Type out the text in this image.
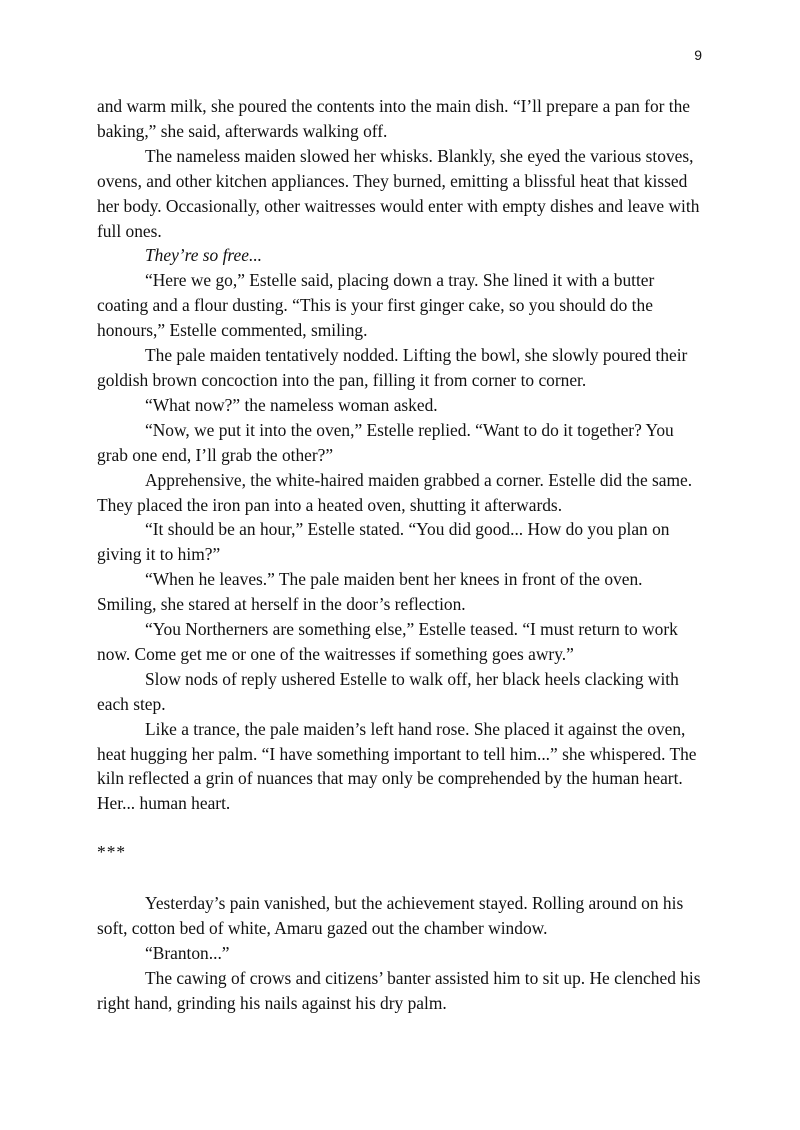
9

and warm milk, she poured the contents into the main dish. “I’ll prepare a pan for the baking,” she said, afterwards walking off.

The nameless maiden slowed her whisks. Blankly, she eyed the various stoves, ovens, and other kitchen appliances. They burned, emitting a blissful heat that kissed her body. Occasionally, other waitresses would enter with empty dishes and leave with full ones.

They’re so free...

“Here we go,” Estelle said, placing down a tray. She lined it with a butter coating and a flour dusting. “This is your first ginger cake, so you should do the honours,” Estelle commented, smiling.

The pale maiden tentatively nodded. Lifting the bowl, she slowly poured their goldish brown concoction into the pan, filling it from corner to corner.

“What now?” the nameless woman asked.

“Now, we put it into the oven,” Estelle replied. “Want to do it together? You grab one end, I’ll grab the other?”

Apprehensive, the white-haired maiden grabbed a corner. Estelle did the same. They placed the iron pan into a heated oven, shutting it afterwards.

“It should be an hour,” Estelle stated. “You did good... How do you plan on giving it to him?”

“When he leaves.” The pale maiden bent her knees in front of the oven. Smiling, she stared at herself in the door’s reflection.

“You Northerners are something else,” Estelle teased. “I must return to work now. Come get me or one of the waitresses if something goes awry.”

Slow nods of reply ushered Estelle to walk off, her black heels clacking with each step.

Like a trance, the pale maiden’s left hand rose. She placed it against the oven, heat hugging her palm. “I have something important to tell him...” she whispered. The kiln reflected a grin of nuances that may only be comprehended by the human heart. Her... human heart.

***

Yesterday’s pain vanished, but the achievement stayed. Rolling around on his soft, cotton bed of white, Amaru gazed out the chamber window.

“Branton...”

The cawing of crows and citizens’ banter assisted him to sit up. He clenched his right hand, grinding his nails against his dry palm.
